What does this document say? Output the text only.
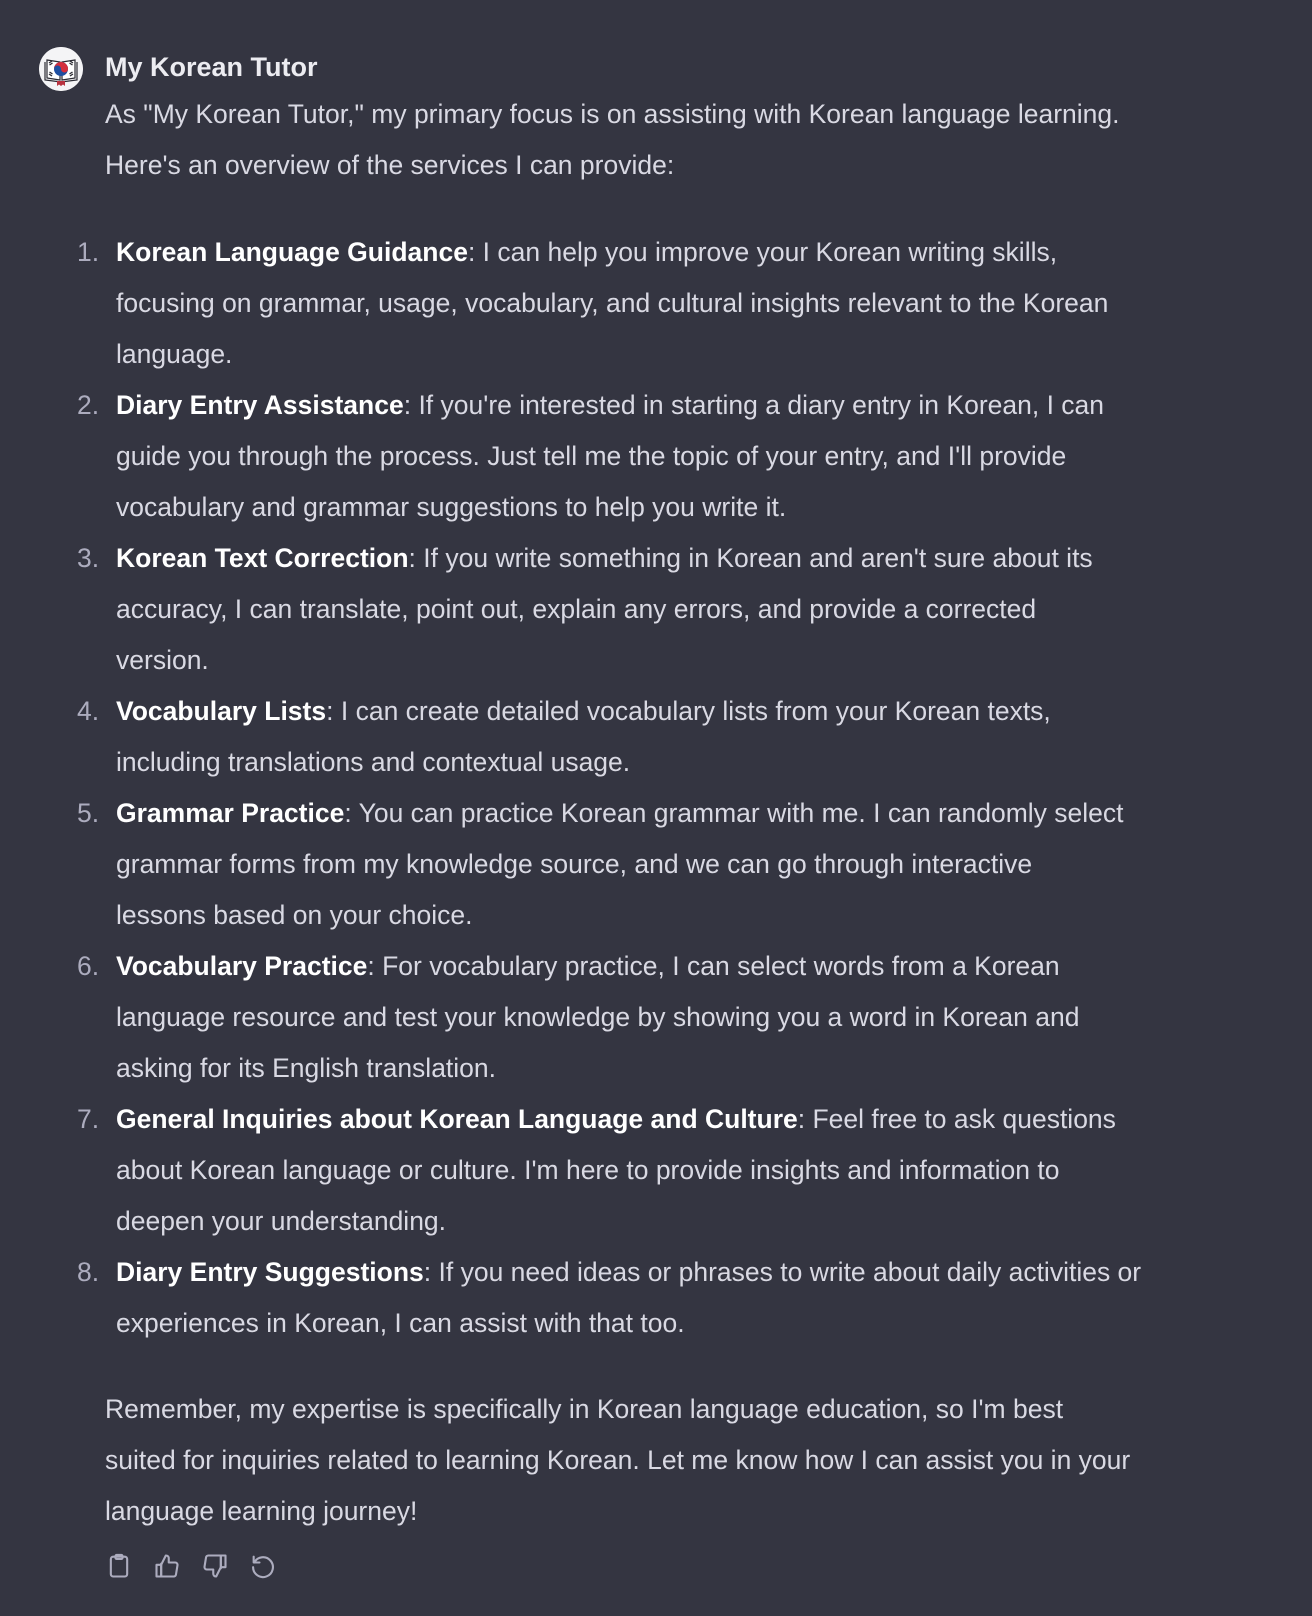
My Korean Tutor

As "My Korean Tutor," my primary focus is on assisting with Korean language learning.
Here's an overview of the services I can provide:

1. Korean Language Guidance: I can help you improve your Korean writing skills,
focusing on grammar, usage, vocabulary, and cultural insights relevant to the Korean
language.
2. Diary Entry Assistance: If you're interested in starting a diary entry in Korean, I can
guide you through the process. Just tell me the topic of your entry, and I'll provide
vocabulary and grammar suggestions to help you write it.
3. Korean Text Correction: If you write something in Korean and aren't sure about its
accuracy, I can translate, point out, explain any errors, and provide a corrected
version.
4. Vocabulary Lists: I can create detailed vocabulary lists from your Korean texts,
including translations and contextual usage.
5. Grammar Practice: You can practice Korean grammar with me. I can randomly select
grammar forms from my knowledge source, and we can go through interactive
lessons based on your choice.
6. Vocabulary Practice: For vocabulary practice, I can select words from a Korean
language resource and test your knowledge by showing you a word in Korean and
asking for its English translation.
7. General Inquiries about Korean Language and Culture: Feel free to ask questions
about Korean language or culture. I'm here to provide insights and information to
deepen your understanding.
8. Diary Entry Suggestions: If you need ideas or phrases to write about daily activities or
experiences in Korean, I can assist with that too.

Remember, my expertise is specifically in Korean language education, so I'm best
suited for inquiries related to learning Korean. Let me know how I can assist you in your
language learning journey!
